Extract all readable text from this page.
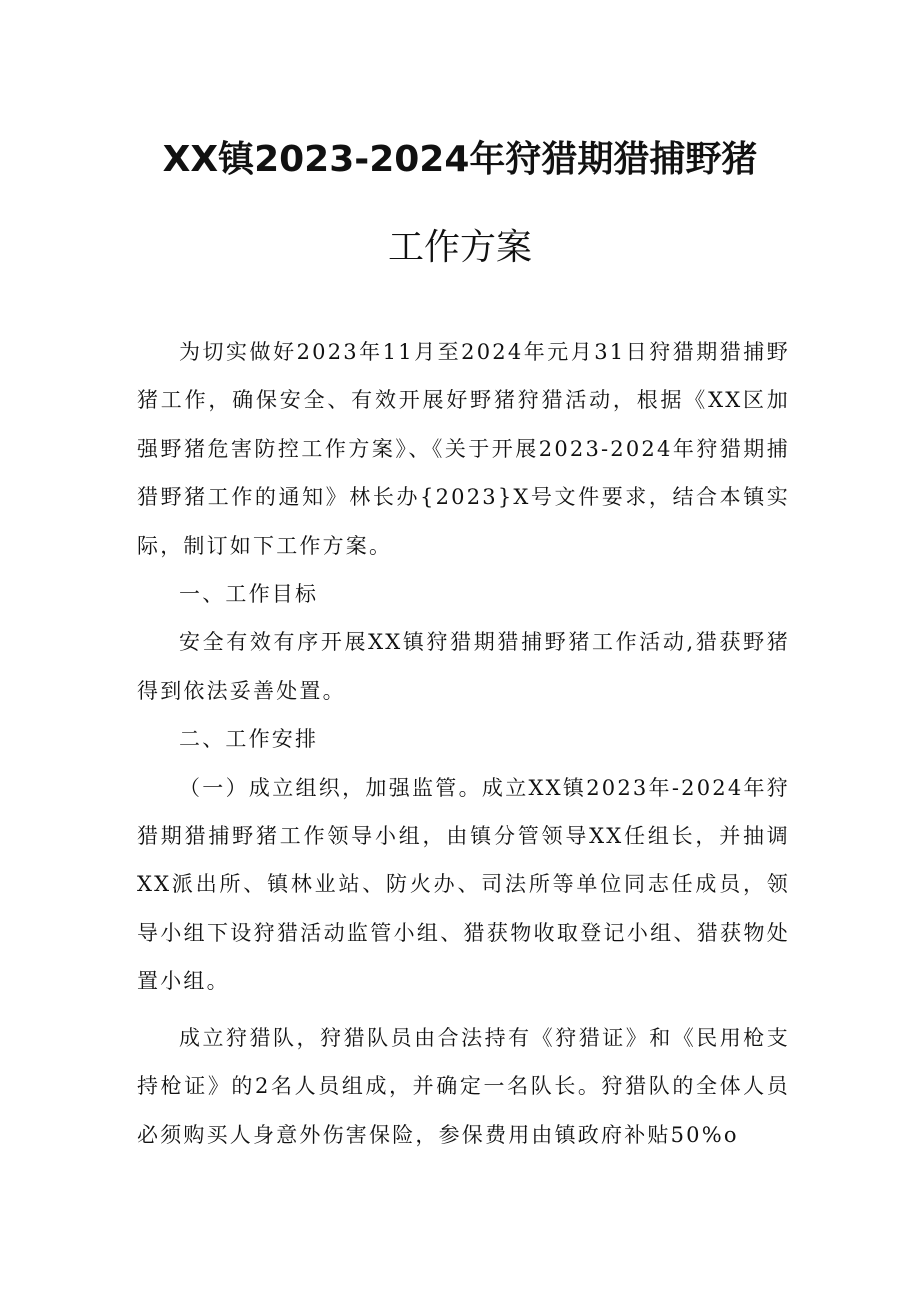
XX镇2023-2024年狩猎期猎捕野猪
工作方案

为切实做好2023年11月至2024年元月31日狩猎期猎捕野猪工作，确保安全、有效开展好野猪狩猎活动，根据《XX区加强野猪危害防控工作方案》、《关于开展2023-2024年狩猎期捕猎野猪工作的通知》林长办{2023}X号文件要求，结合本镇实际，制订如下工作方案。

一、工作目标

安全有效有序开展XX镇狩猎期猎捕野猪工作活动,猎获野猪得到依法妥善处置。

二、工作安排

（一）成立组织，加强监管。成立XX镇2023年-2024年狩猎期猎捕野猪工作领导小组，由镇分管领导XX任组长，并抽调XX派出所、镇林业站、防火办、司法所等单位同志任成员，领导小组下设狩猎活动监管小组、猎获物收取登记小组、猎获物处置小组。

成立狩猎队，狩猎队员由合法持有《狩猎证》和《民用枪支持枪证》的2名人员组成，并确定一名队长。狩猎队的全体人员必须购买人身意外伤害保险，参保费用由镇政府补贴50%o
